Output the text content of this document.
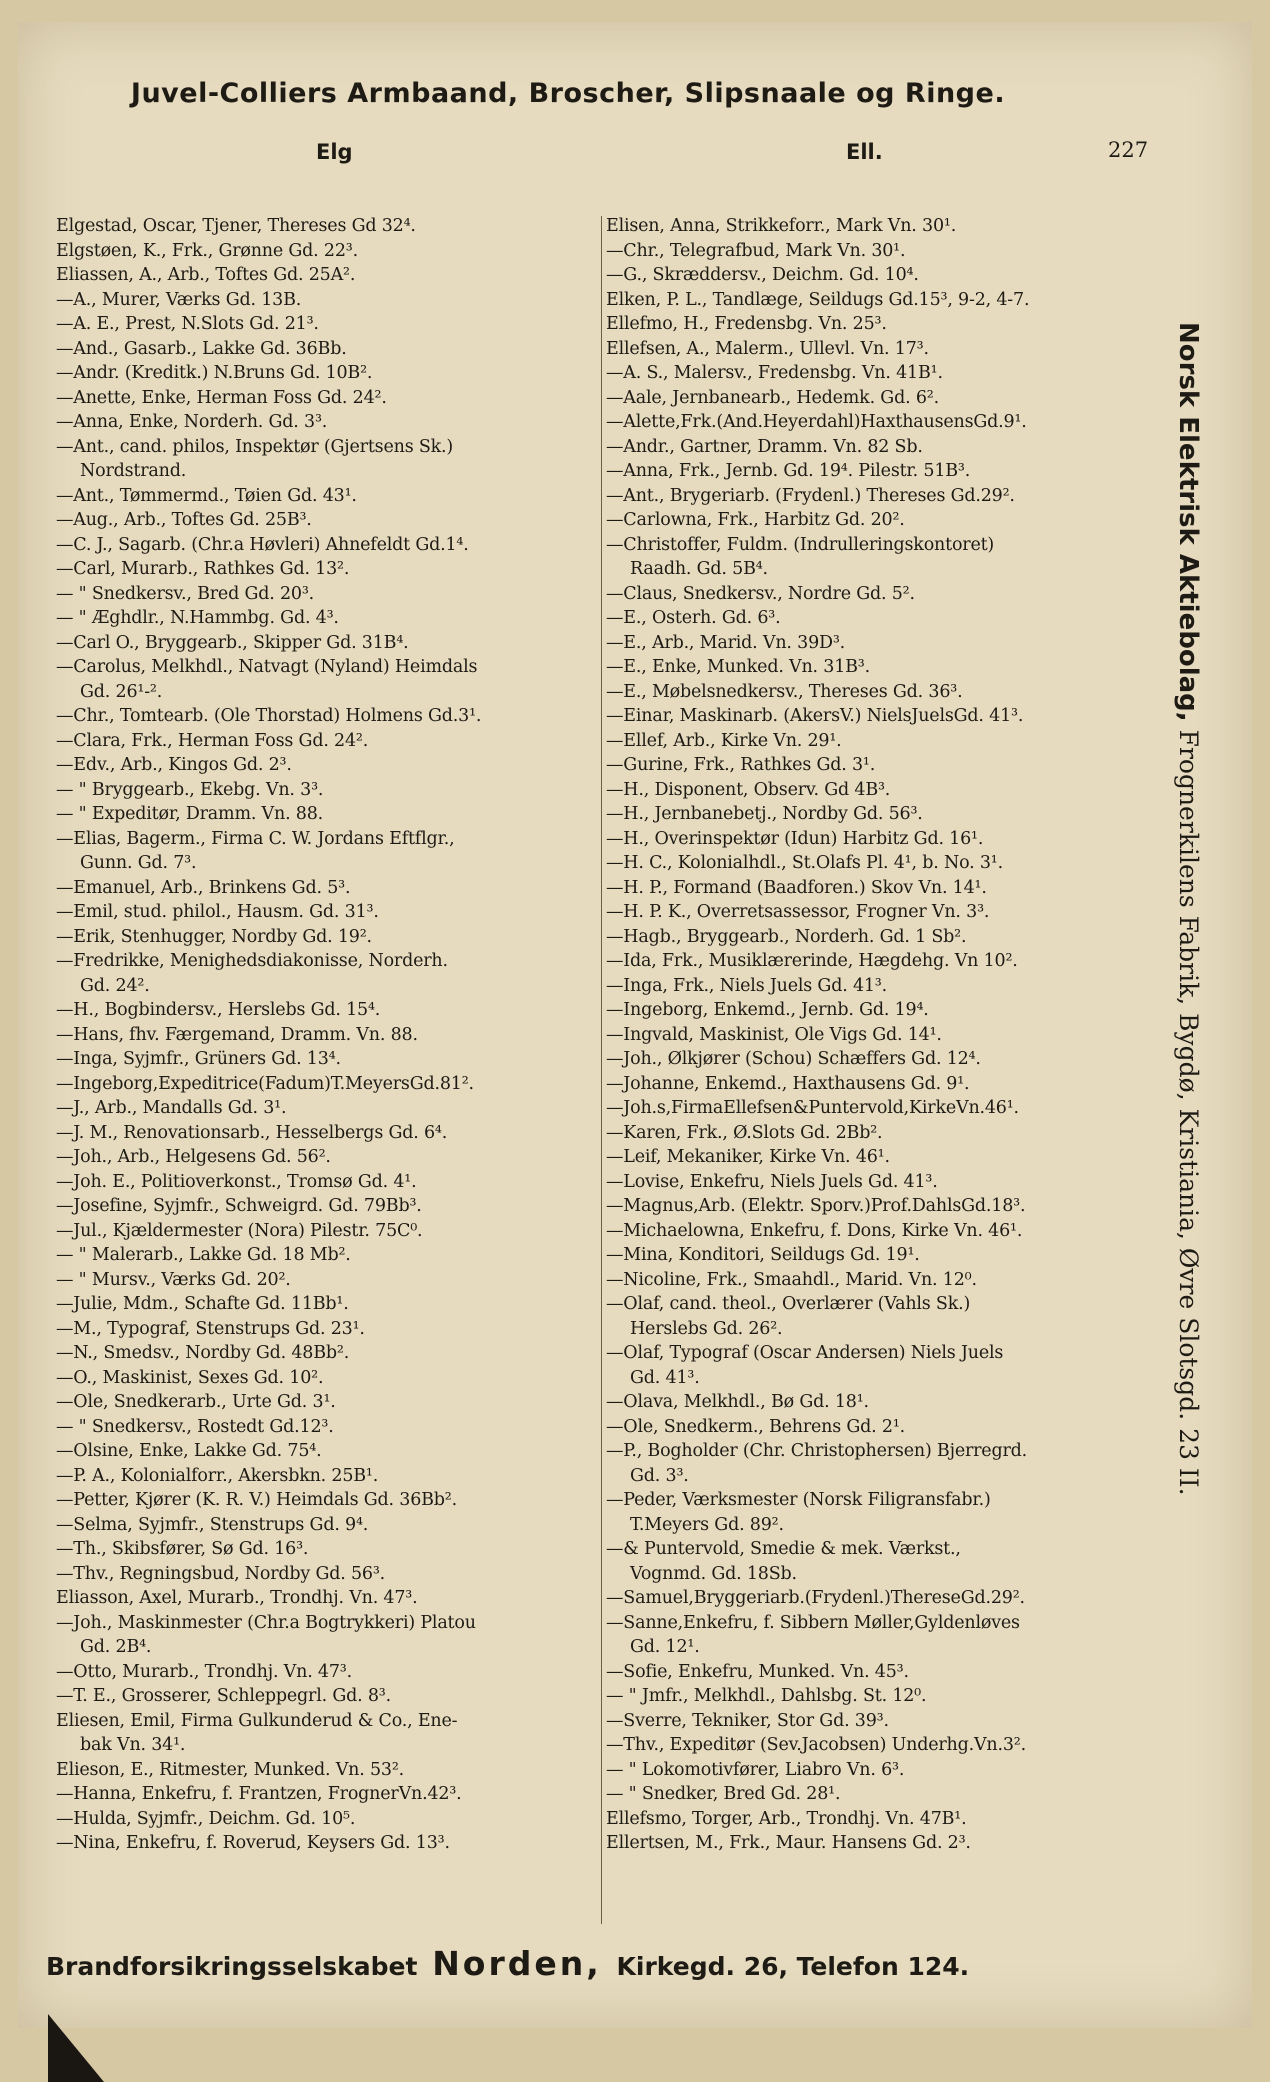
Juvel-Colliers Armbaand, Broscher, Slipsnaale og Ringe.
Elg	Ell.	227
Elgestad, Oscar, Tjener, Thereses Gd 32⁴.
Elgstøen, K., Frk., Grønne Gd. 22³.
Eliassen, A., Arb., Toftes Gd. 25A².
—A., Murer, Værks Gd. 13B.
—A. E., Prest, N.Slots Gd. 21³.
—And., Gasarb., Lakke Gd. 36Bb.
—Andr. (Kreditk.) N.Bruns Gd. 10B².
—Anette, Enke, Herman Foss Gd. 24².
—Anna, Enke, Norderh. Gd. 3³.
—Ant., cand. philos, Inspektør (Gjertsens Sk.)
Nordstrand.
—Ant., Tømmermd., Tøien Gd. 43¹.
—Aug., Arb., Toftes Gd. 25B³.
—C. J., Sagarb. (Chr.a Høvleri) Ahnefeldt Gd.1⁴.
—Carl, Murarb., Rathkes Gd. 13².
— " Snedkersv., Bred Gd. 20³.
— " Æghdlr., N.Hammbg. Gd. 4³.
—Carl O., Bryggearb., Skipper Gd. 31B⁴.
—Carolus, Melkhdl., Natvagt (Nyland) Heimdals
Gd. 26¹-².
—Chr., Tomtearb. (Ole Thorstad) Holmens Gd.3¹.
—Clara, Frk., Herman Foss Gd. 24².
—Edv., Arb., Kingos Gd. 2³.
— " Bryggearb., Ekebg. Vn. 3³.
— " Expeditør, Dramm. Vn. 88.
—Elias, Bagerm., Firma C. W. Jordans Eftflgr.,
Gunn. Gd. 7³.
—Emanuel, Arb., Brinkens Gd. 5³.
—Emil, stud. philol., Hausm. Gd. 31³.
—Erik, Stenhugger, Nordby Gd. 19².
—Fredrikke, Menighedsdiakonisse, Norderh.
Gd. 24².
—H., Bogbindersv., Herslebs Gd. 15⁴.
—Hans, fhv. Færgemand, Dramm. Vn. 88.
—Inga, Syjmfr., Grüners Gd. 13⁴.
—Ingeborg,Expeditrice(Fadum)T.MeyersGd.81².
—J., Arb., Mandalls Gd. 3¹.
—J. M., Renovationsarb., Hesselbergs Gd. 6⁴.
—Joh., Arb., Helgesens Gd. 56².
—Joh. E., Politioverkonst., Tromsø Gd. 4¹.
—Josefine, Syjmfr., Schweigrd. Gd. 79Bb³.
—Jul., Kjældermester (Nora) Pilestr. 75C⁰.
— " Malerarb., Lakke Gd. 18 Mb².
— " Mursv., Værks Gd. 20².
—Julie, Mdm., Schafte Gd. 11Bb¹.
—M., Typograf, Stenstrups Gd. 23¹.
—N., Smedsv., Nordby Gd. 48Bb².
—O., Maskinist, Sexes Gd. 10².
—Ole, Snedkerarb., Urte Gd. 3¹.
— " Snedkersv., Rostedt Gd.12³.
—Olsine, Enke, Lakke Gd. 75⁴.
—P. A., Kolonialforr., Akersbkn. 25B¹.
—Petter, Kjører (K. R. V.) Heimdals Gd. 36Bb².
—Selma, Syjmfr., Stenstrups Gd. 9⁴.
—Th., Skibsfører, Sø Gd. 16³.
—Thv., Regningsbud, Nordby Gd. 56³.
Eliasson, Axel, Murarb., Trondhj. Vn. 47³.
—Joh., Maskinmester (Chr.a Bogtrykkeri) Platou
Gd. 2B⁴.
—Otto, Murarb., Trondhj. Vn. 47³.
—T. E., Grosserer, Schleppegrl. Gd. 8³.
Eliesen, Emil, Firma Gulkunderud & Co., Ene-
bak Vn. 34¹.
Elieson, E., Ritmester, Munked. Vn. 53².
—Hanna, Enkefru, f. Frantzen, FrognerVn.42³.
—Hulda, Syjmfr., Deichm. Gd. 10⁵.
—Nina, Enkefru, f. Roverud, Keysers Gd. 13³.
Elisen, Anna, Strikkeforr., Mark Vn. 30¹.
—Chr., Telegrafbud, Mark Vn. 30¹.
—G., Skræddersv., Deichm. Gd. 10⁴.
Elken, P. L., Tandlæge, Seildugs Gd.15³, 9-2, 4-7.
Ellefmo, H., Fredensbg. Vn. 25³.
Ellefsen, A., Malerm., Ullevl. Vn. 17³.
—A. S., Malersv., Fredensbg. Vn. 41B¹.
—Aale, Jernbanearb., Hedemk. Gd. 6².
—Alette,Frk.(And.Heyerdahl)HaxthausensGd.9¹.
—Andr., Gartner, Dramm. Vn. 82 Sb.
—Anna, Frk., Jernb. Gd. 19⁴. Pilestr. 51B³.
—Ant., Brygeriarb. (Frydenl.) Thereses Gd.29².
—Carlowna, Frk., Harbitz Gd. 20².
—Christoffer, Fuldm. (Indrulleringskontoret)
Raadh. Gd. 5B⁴.
—Claus, Snedkersv., Nordre Gd. 5².
—E., Osterh. Gd. 6³.
—E., Arb., Marid. Vn. 39D³.
—E., Enke, Munked. Vn. 31B³.
—E., Møbelsnedkersv., Thereses Gd. 36³.
—Einar, Maskinarb. (AkersV.) NielsJuelsGd. 41³.
—Ellef, Arb., Kirke Vn. 29¹.
—Gurine, Frk., Rathkes Gd. 3¹.
—H., Disponent, Observ. Gd 4B³.
—H., Jernbanebetj., Nordby Gd. 56³.
—H., Overinspektør (Idun) Harbitz Gd. 16¹.
—H. C., Kolonialhdl., St.Olafs Pl. 4¹, b. No. 3¹.
—H. P., Formand (Baadforen.) Skov Vn. 14¹.
—H. P. K., Overretsassessor, Frogner Vn. 3³.
—Hagb., Bryggearb., Norderh. Gd. 1 Sb².
—Ida, Frk., Musiklærerinde, Hægdehg. Vn 10².
—Inga, Frk., Niels Juels Gd. 41³.
—Ingeborg, Enkemd., Jernb. Gd. 19⁴.
—Ingvald, Maskinist, Ole Vigs Gd. 14¹.
—Joh., Ølkjører (Schou) Schæffers Gd. 12⁴.
—Johanne, Enkemd., Haxthausens Gd. 9¹.
—Joh.s,FirmaEllefsen&Puntervold,KirkeVn.46¹.
—Karen, Frk., Ø.Slots Gd. 2Bb².
—Leif, Mekaniker, Kirke Vn. 46¹.
—Lovise, Enkefru, Niels Juels Gd. 41³.
—Magnus,Arb. (Elektr. Sporv.)Prof.DahlsGd.18³.
—Michaelowna, Enkefru, f. Dons, Kirke Vn. 46¹.
—Mina, Konditori, Seildugs Gd. 19¹.
—Nicoline, Frk., Smaahdl., Marid. Vn. 12⁰.
—Olaf, cand. theol., Overlærer (Vahls Sk.)
Herslebs Gd. 26².
—Olaf, Typograf (Oscar Andersen) Niels Juels
Gd. 41³.
—Olava, Melkhdl., Bø Gd. 18¹.
—Ole, Snedkerm., Behrens Gd. 2¹.
—P., Bogholder (Chr. Christophersen) Bjerregrd.
Gd. 3³.
—Peder, Værksmester (Norsk Filigransfabr.)
T.Meyers Gd. 89².
—& Puntervold, Smedie & mek. Værkst.,
Vognmd. Gd. 18Sb.
—Samuel,Bryggeriarb.(Frydenl.)ThereseGd.29².
—Sanne,Enkefru, f. Sibbern Møller,Gyldenløves
Gd. 12¹.
—Sofie, Enkefru, Munked. Vn. 45³.
— " Jmfr., Melkhdl., Dahlsbg. St. 12⁰.
—Sverre, Tekniker, Stor Gd. 39³.
—Thv., Expeditør (Sev.Jacobsen) Underhg.Vn.3².
— " Lokomotivfører, Liabro Vn. 6³.
— " Snedker, Bred Gd. 28¹.
Ellefsmo, Torger, Arb., Trondhj. Vn. 47B¹.
Ellertsen, M., Frk., Maur. Hansens Gd. 2³.
Norsk Elektrisk Aktiebolag, Frognerkilens Fabrik, Bygdø, Kristiania, Øvre Slotsgd. 23 II.
Brandforsikringsselskabet Norden, Kirkegd. 26, Telefon 124.
